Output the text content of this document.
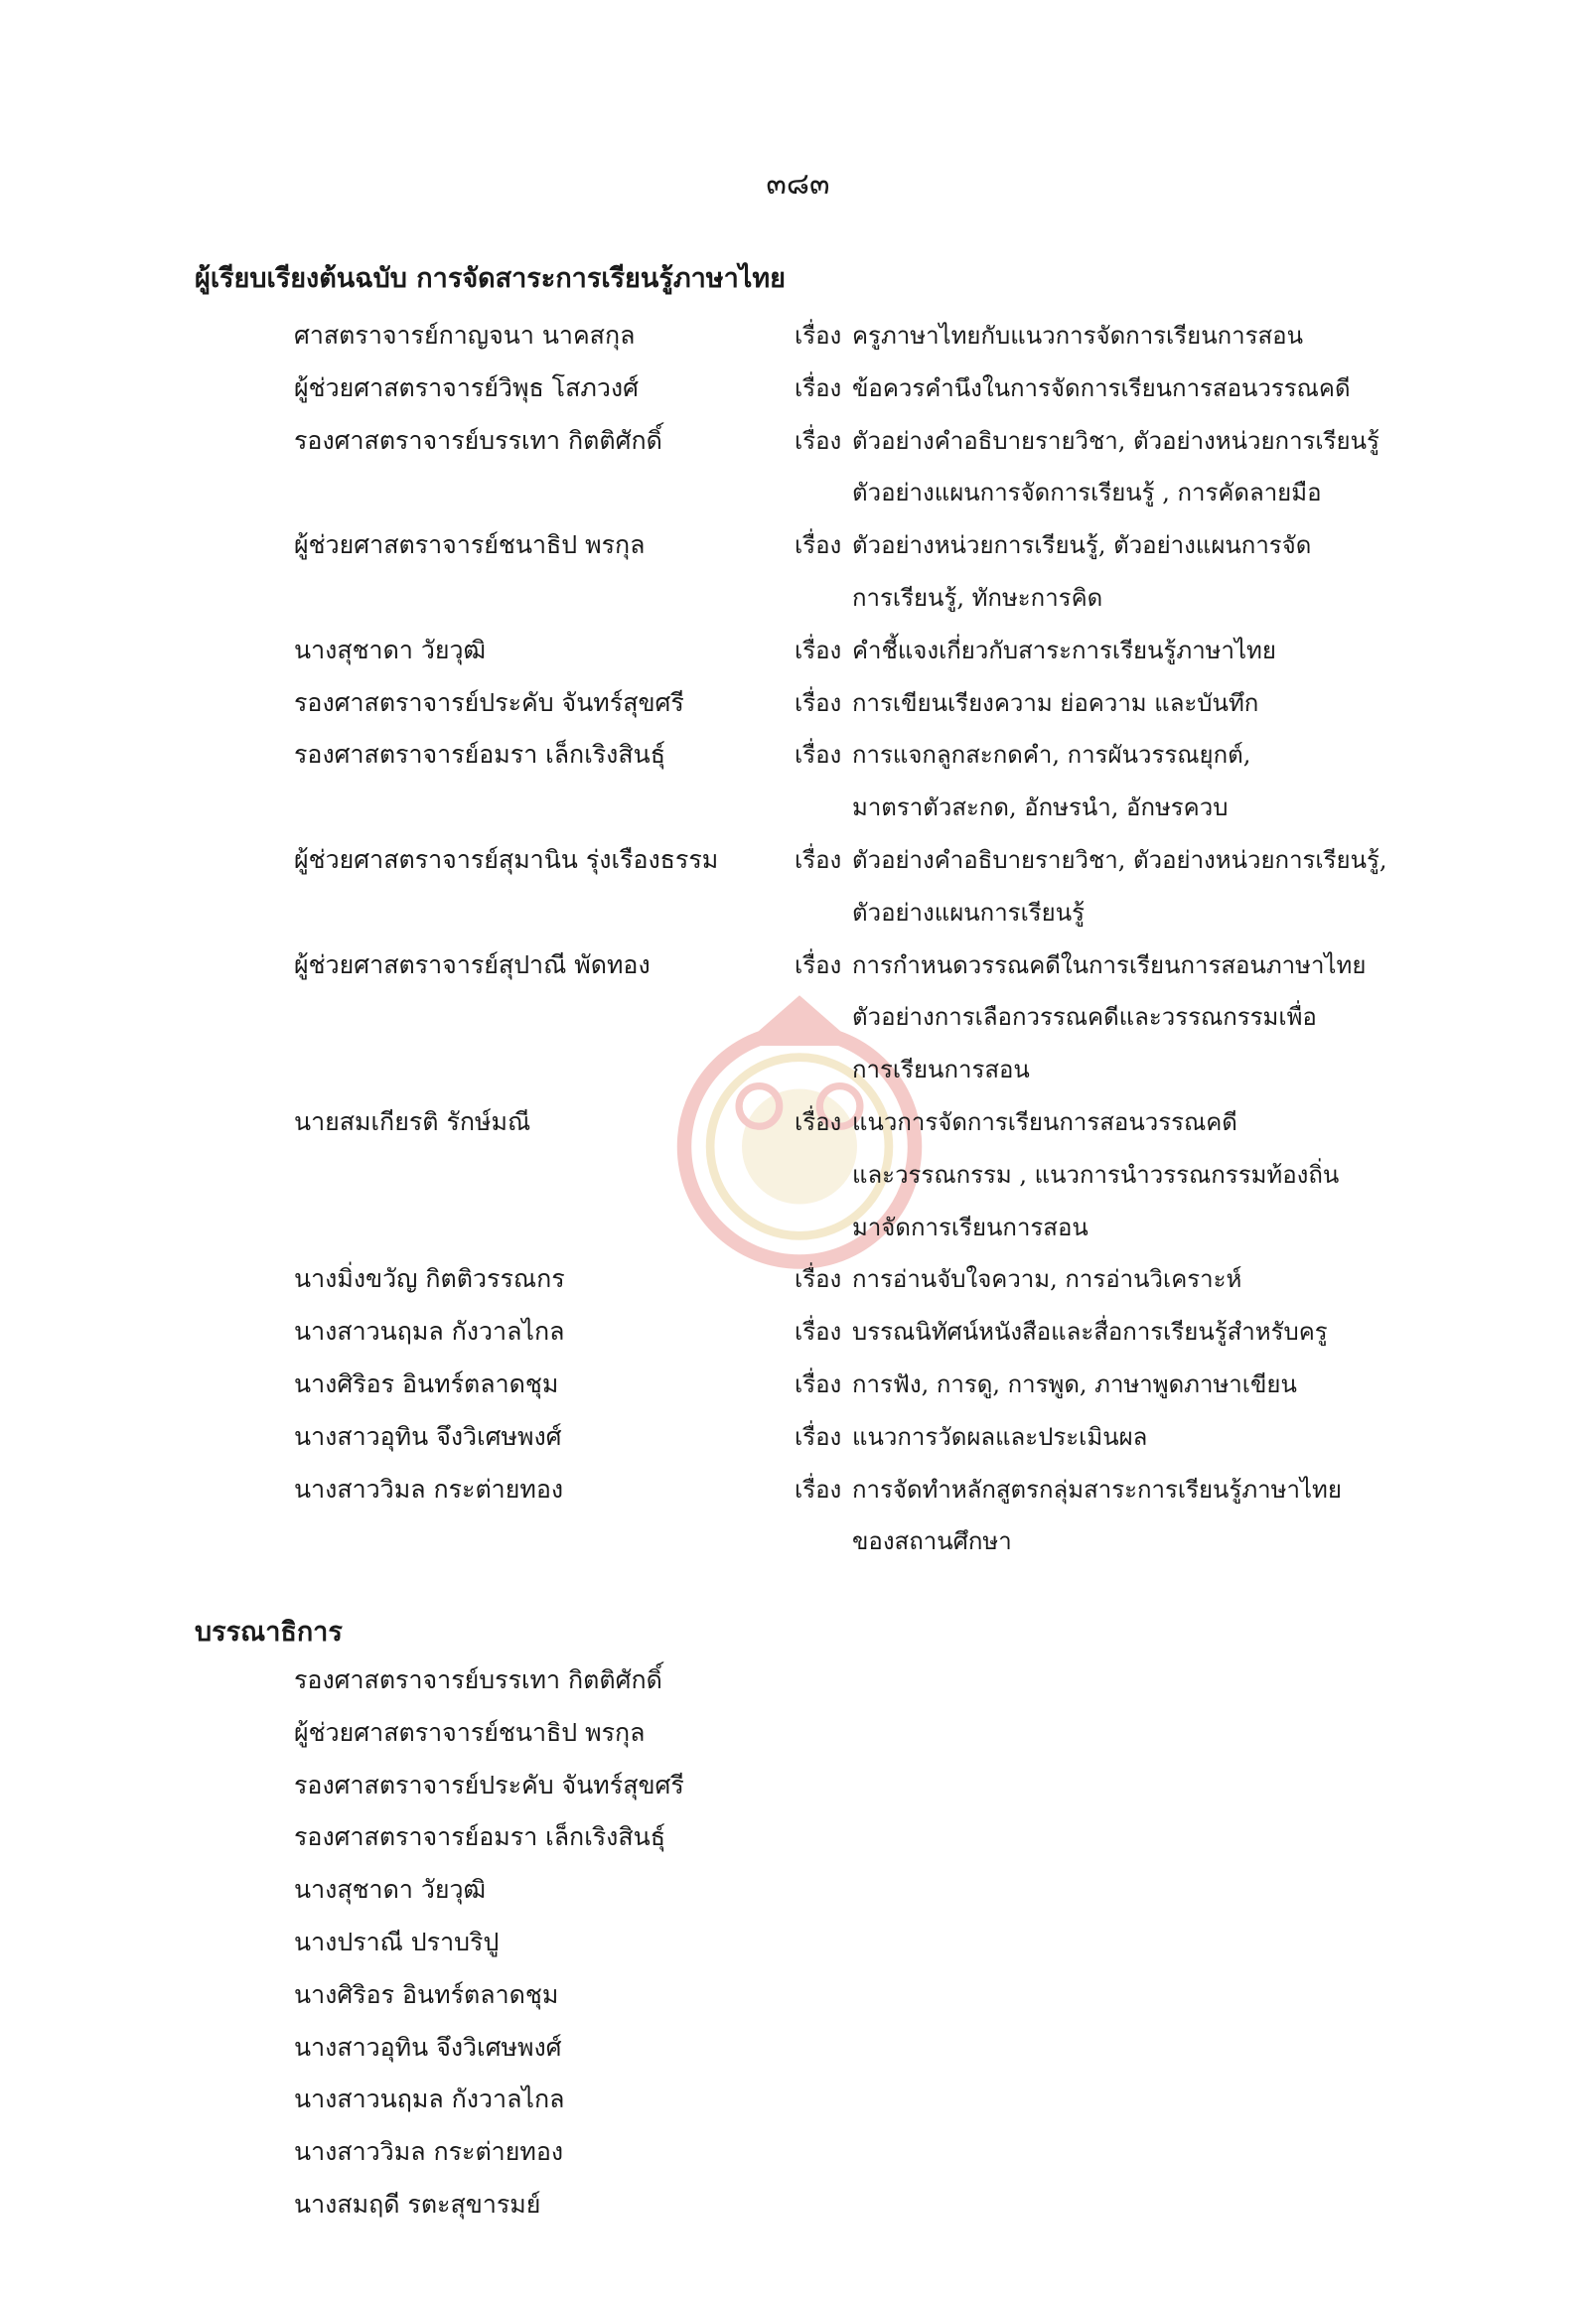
๓๘๓
ผู้เรียบเรียงต้นฉบับ การจัดสาระการเรียนรู้ภาษาไทย
ศาสตราจารย์กาญจนา นาคสกุล	เรื่อง ครูภาษาไทยกับแนวการจัดการเรียนการสอน
ผู้ช่วยศาสตราจารย์วิพุธ โสภวงศ์	เรื่อง ข้อควรคำนึงในการจัดการเรียนการสอนวรรณคดี
รองศาสตราจารย์บรรเทา กิตติศักดิ์	เรื่อง ตัวอย่างคำอธิบายรายวิชา, ตัวอย่างหน่วยการเรียนรู้
ตัวอย่างแผนการจัดการเรียนรู้ , การคัดลายมือ
ผู้ช่วยศาสตราจารย์ชนาธิป พรกุล	เรื่อง ตัวอย่างหน่วยการเรียนรู้, ตัวอย่างแผนการจัด
การเรียนรู้, ทักษะการคิด
นางสุชาดา วัยวุฒิ	เรื่อง คำชี้แจงเกี่ยวกับสาระการเรียนรู้ภาษาไทย
รองศาสตราจารย์ประคับ จันทร์สุขศรี	เรื่อง การเขียนเรียงความ ย่อความ และบันทึก
รองศาสตราจารย์อมรา เล็กเริงสินธุ์	เรื่อง การแจกลูกสะกดคำ, การผันวรรณยุกต์,
มาตราตัวสะกด, อักษรนำ, อักษรควบ
ผู้ช่วยศาสตราจารย์สุมานิน รุ่งเรืองธรรม	เรื่อง ตัวอย่างคำอธิบายรายวิชา, ตัวอย่างหน่วยการเรียนรู้,
ตัวอย่างแผนการเรียนรู้
ผู้ช่วยศาสตราจารย์สุปาณี พัดทอง	เรื่อง การกำหนดวรรณคดีในการเรียนการสอนภาษาไทย
ตัวอย่างการเลือกวรรณคดีและวรรณกรรมเพื่อ
การเรียนการสอน
นายสมเกียรติ รักษ์มณี	เรื่อง แนวการจัดการเรียนการสอนวรรณคดี
และวรรณกรรม , แนวการนำวรรณกรรมท้องถิ่น
มาจัดการเรียนการสอน
นางมิ่งขวัญ กิตติวรรณกร	เรื่อง การอ่านจับใจความ, การอ่านวิเคราะห์
นางสาวนฤมล กังวาลไกล	เรื่อง บรรณนิทัศน์หนังสือและสื่อการเรียนรู้สำหรับครู
นางศิริอร อินทร์ตลาดชุม	เรื่อง การฟัง, การดู, การพูด, ภาษาพูดภาษาเขียน
นางสาวอุทิน จึงวิเศษพงศ์	เรื่อง แนวการวัดผลและประเมินผล
นางสาววิมล กระต่ายทอง	เรื่อง การจัดทำหลักสูตรกลุ่มสาระการเรียนรู้ภาษาไทย
ของสถานศึกษา
บรรณาธิการ
รองศาสตราจารย์บรรเทา กิตติศักดิ์
ผู้ช่วยศาสตราจารย์ชนาธิป พรกุล
รองศาสตราจารย์ประคับ จันทร์สุขศรี
รองศาสตราจารย์อมรา เล็กเริงสินธุ์
นางสุชาดา วัยวุฒิ
นางปราณี ปราบริปู
นางศิริอร อินทร์ตลาดชุม
นางสาวอุทิน จึงวิเศษพงศ์
นางสาวนฤมล กังวาลไกล
นางสาววิมล กระต่ายทอง
นางสมฤดี รตะสุขารมย์
